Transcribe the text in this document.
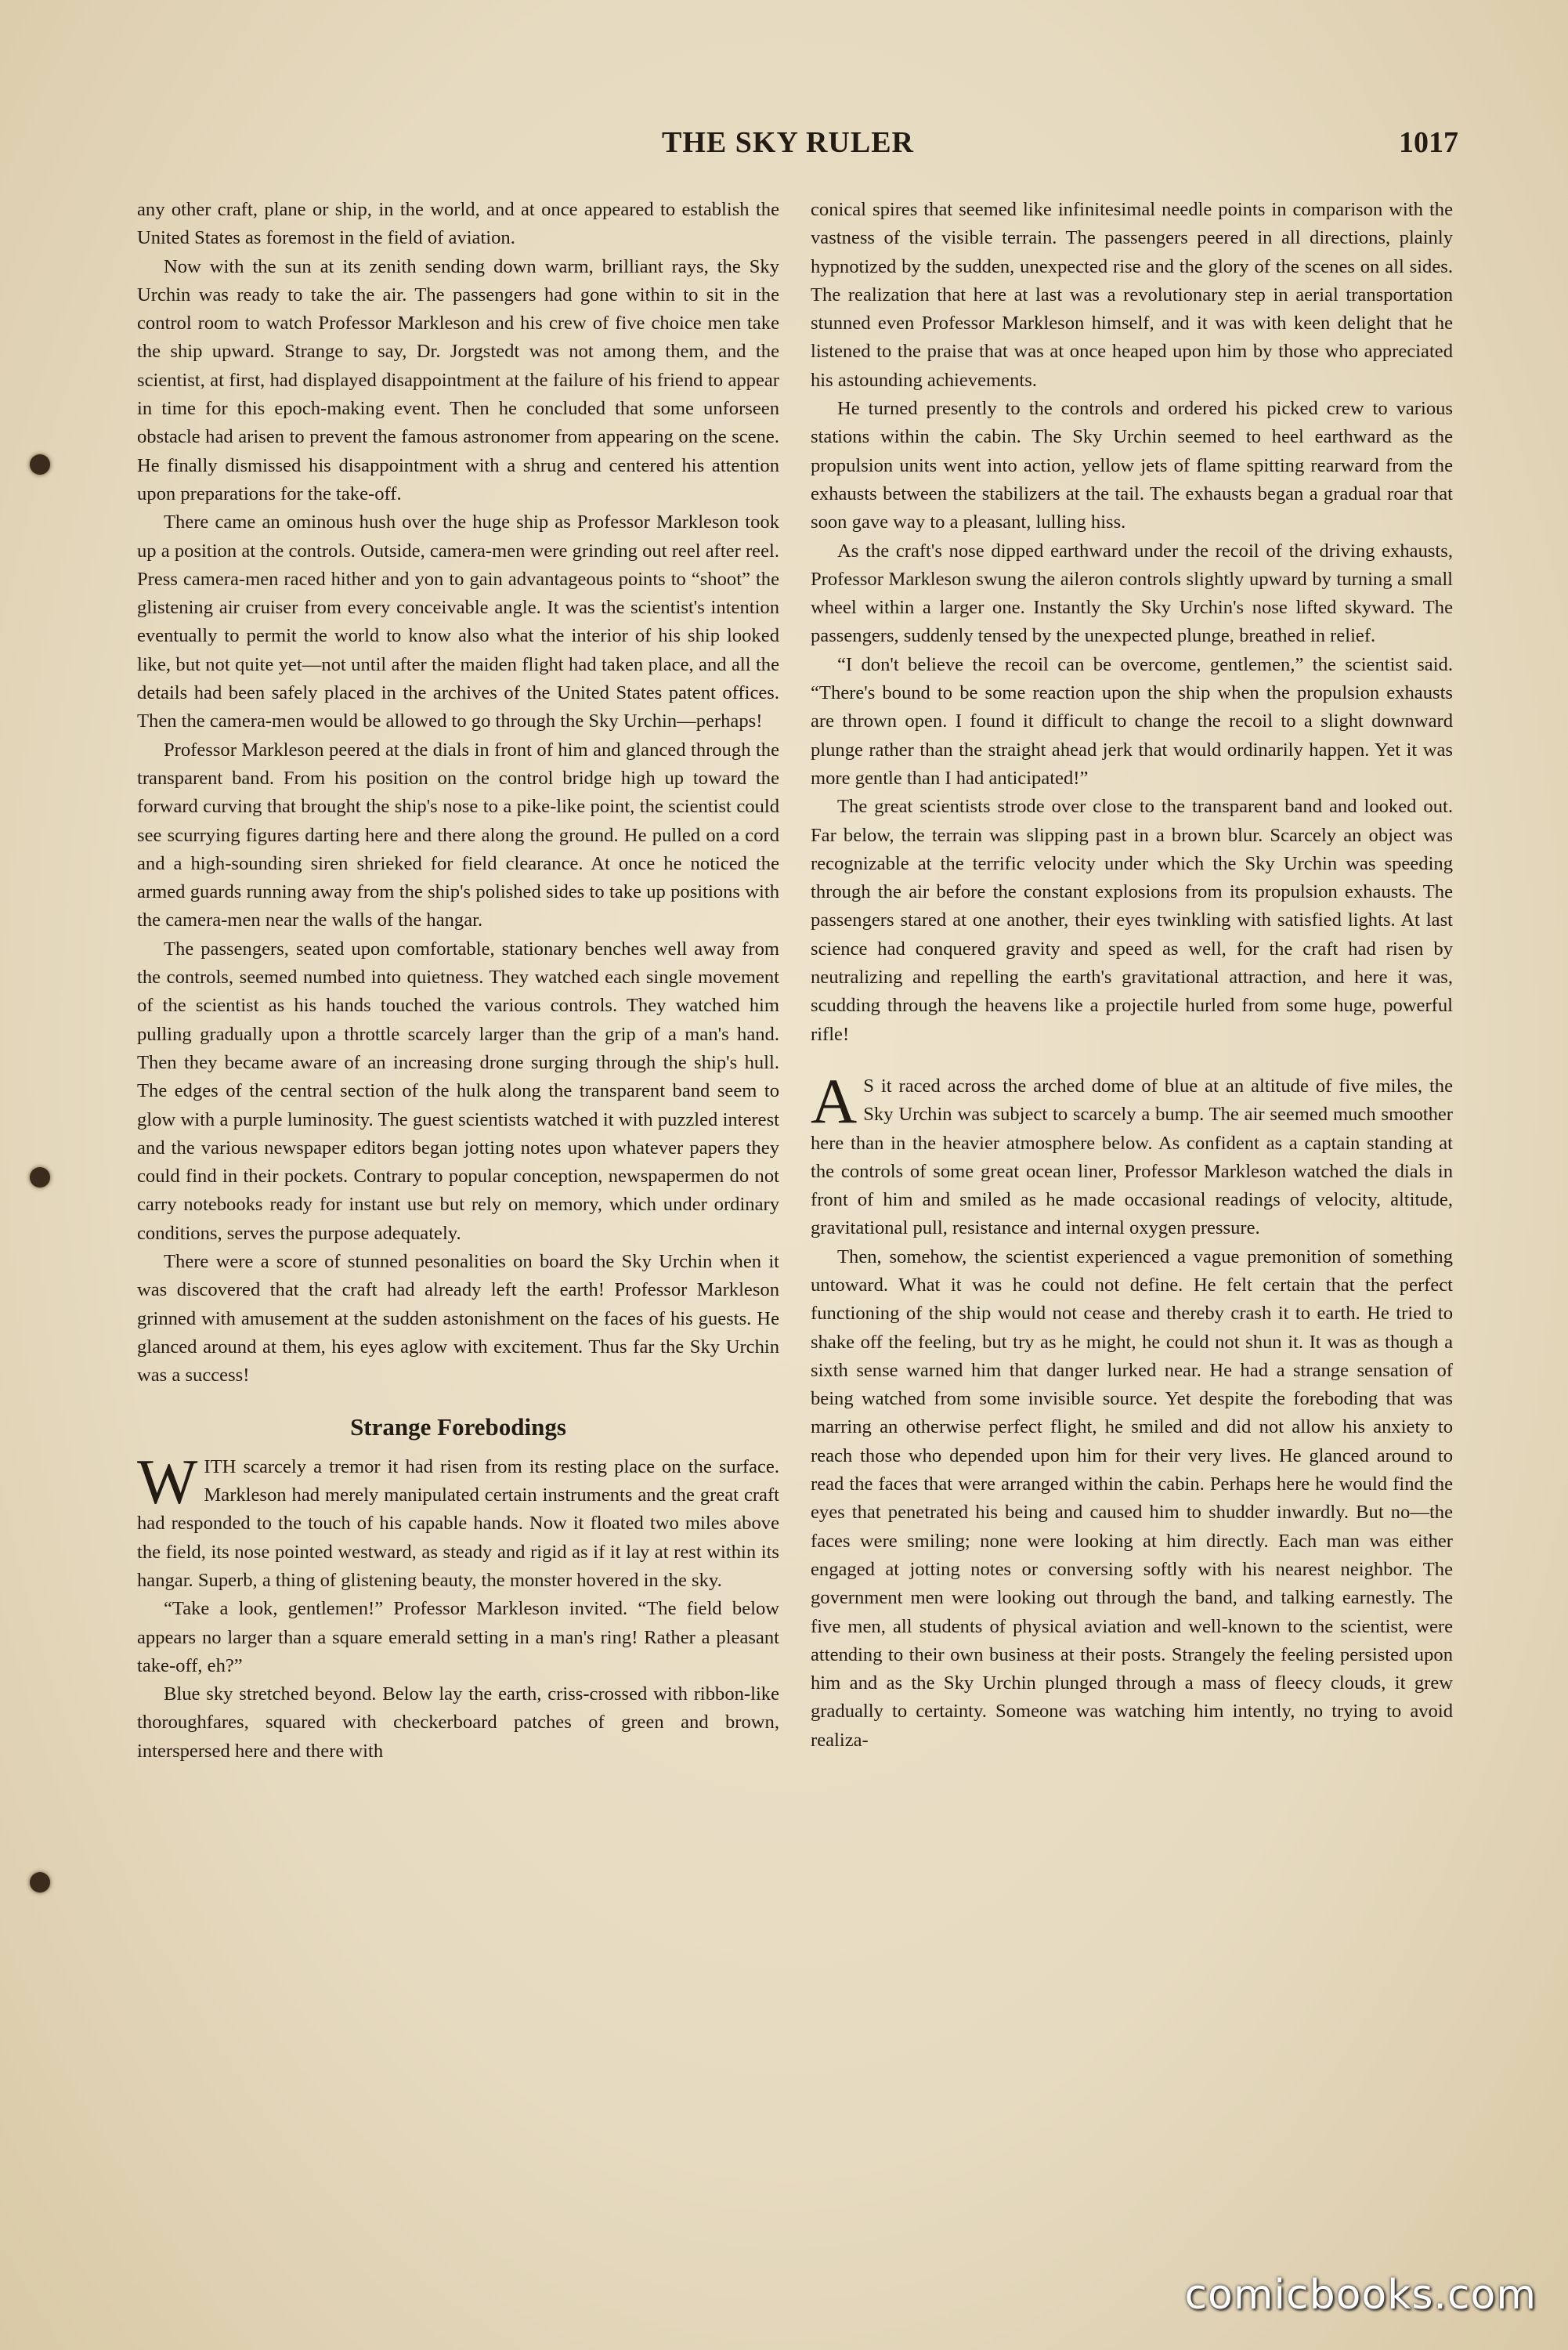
THE SKY RULER	1017

any other craft, plane or ship, in the world, and at once appeared to establish the United States as foremost in the field of aviation.

Now with the sun at its zenith sending down warm, brilliant rays, the Sky Urchin was ready to take the air. The passengers had gone within to sit in the control room to watch Professor Markleson and his crew of five choice men take the ship upward. Strange to say, Dr. Jorgstedt was not among them, and the scientist, at first, had displayed disappointment at the failure of his friend to appear in time for this epoch-making event. Then he concluded that some unforseen obstacle had arisen to prevent the famous astronomer from appearing on the scene. He finally dismissed his disappointment with a shrug and centered his attention upon preparations for the take-off.

There came an ominous hush over the huge ship as Professor Markleson took up a position at the controls. Outside, camera-men were grinding out reel after reel. Press camera-men raced hither and yon to gain advantageous points to “shoot” the glistening air cruiser from every conceivable angle. It was the scientist's intention eventually to permit the world to know also what the interior of his ship looked like, but not quite yet—not until after the maiden flight had taken place, and all the details had been safely placed in the archives of the United States patent offices. Then the camera-men would be allowed to go through the Sky Urchin—perhaps!

Professor Markleson peered at the dials in front of him and glanced through the transparent band. From his position on the control bridge high up toward the forward curving that brought the ship's nose to a pike-like point, the scientist could see scurrying figures darting here and there along the ground. He pulled on a cord and a high-sounding siren shrieked for field clearance. At once he noticed the armed guards running away from the ship's polished sides to take up positions with the camera-men near the walls of the hangar.

The passengers, seated upon comfortable, stationary benches well away from the controls, seemed numbed into quietness. They watched each single movement of the scientist as his hands touched the various controls. They watched him pulling gradually upon a throttle scarcely larger than the grip of a man's hand. Then they became aware of an increasing drone surging through the ship's hull. The edges of the central section of the hulk along the transparent band seem to glow with a purple luminosity. The guest scientists watched it with puzzled interest and the various newspaper editors began jotting notes upon whatever papers they could find in their pockets. Contrary to popular conception, newspapermen do not carry notebooks ready for instant use but rely on memory, which under ordinary conditions, serves the purpose adequately.

There were a score of stunned pesonalities on board the Sky Urchin when it was discovered that the craft had already left the earth! Professor Markleson grinned with amusement at the sudden astonishment on the faces of his guests. He glanced around at them, his eyes aglow with excitement. Thus far the Sky Urchin was a success!

Strange Forebodings

WITH scarcely a tremor it had risen from its resting place on the surface. Markleson had merely manipulated certain instruments and the great craft had responded to the touch of his capable hands. Now it floated two miles above the field, its nose pointed westward, as steady and rigid as if it lay at rest within its hangar. Superb, a thing of glistening beauty, the monster hovered in the sky.

“Take a look, gentlemen!” Professor Markleson invited. “The field below appears no larger than a square emerald setting in a man's ring! Rather a pleasant take-off, eh?”

Blue sky stretched beyond. Below lay the earth, criss-crossed with ribbon-like thoroughfares, squared with checkerboard patches of green and brown, interspersed here and there with

conical spires that seemed like infinitesimal needle points in comparison with the vastness of the visible terrain. The passengers peered in all directions, plainly hypnotized by the sudden, unexpected rise and the glory of the scenes on all sides. The realization that here at last was a revolutionary step in aerial transportation stunned even Professor Markleson himself, and it was with keen delight that he listened to the praise that was at once heaped upon him by those who appreciated his astounding achievements.

He turned presently to the controls and ordered his picked crew to various stations within the cabin. The Sky Urchin seemed to heel earthward as the propulsion units went into action, yellow jets of flame spitting rearward from the exhausts between the stabilizers at the tail. The exhausts began a gradual roar that soon gave way to a pleasant, lulling hiss.

As the craft's nose dipped earthward under the recoil of the driving exhausts, Professor Markleson swung the aileron controls slightly upward by turning a small wheel within a larger one. Instantly the Sky Urchin's nose lifted skyward. The passengers, suddenly tensed by the unexpected plunge, breathed in relief.

“I don't believe the recoil can be overcome, gentlemen,” the scientist said. “There's bound to be some reaction upon the ship when the propulsion exhausts are thrown open. I found it difficult to change the recoil to a slight downward plunge rather than the straight ahead jerk that would ordinarily happen. Yet it was more gentle than I had anticipated!”

The great scientists strode over close to the transparent band and looked out. Far below, the terrain was slipping past in a brown blur. Scarcely an object was recognizable at the terrific velocity under which the Sky Urchin was speeding through the air before the constant explosions from its propulsion exhausts. The passengers stared at one another, their eyes twinkling with satisfied lights. At last science had conquered gravity and speed as well, for the craft had risen by neutralizing and repelling the earth's gravitational attraction, and here it was, scudding through the heavens like a projectile hurled from some huge, powerful rifle!

A S it raced across the arched dome of blue at an altitude of five miles, the Sky Urchin was subject to scarcely a bump. The air seemed much smoother here than in the heavier atmosphere below. As confident as a captain standing at the controls of some great ocean liner, Professor Markleson watched the dials in front of him and smiled as he made occasional readings of velocity, altitude, gravitational pull, resistance and internal oxygen pressure.

Then, somehow, the scientist experienced a vague premonition of something untoward. What it was he could not define. He felt certain that the perfect functioning of the ship would not cease and thereby crash it to earth. He tried to shake off the feeling, but try as he might, he could not shun it. It was as though a sixth sense warned him that danger lurked near. He had a strange sensation of being watched from some invisible source. Yet despite the foreboding that was marring an otherwise perfect flight, he smiled and did not allow his anxiety to reach those who depended upon him for their very lives. He glanced around to read the faces that were arranged within the cabin. Perhaps here he would find the eyes that penetrated his being and caused him to shudder inwardly. But no—the faces were smiling; none were looking at him directly. Each man was either engaged at jotting notes or conversing softly with his nearest neighbor. The government men were looking out through the band, and talking earnestly. The five men, all students of physical aviation and well-known to the scientist, were attending to their own business at their posts. Strangely the feeling persisted upon him and as the Sky Urchin plunged through a mass of fleecy clouds, it grew gradually to certainty. Someone was watching him intently, no trying to avoid realiza-

comicbooks.com
